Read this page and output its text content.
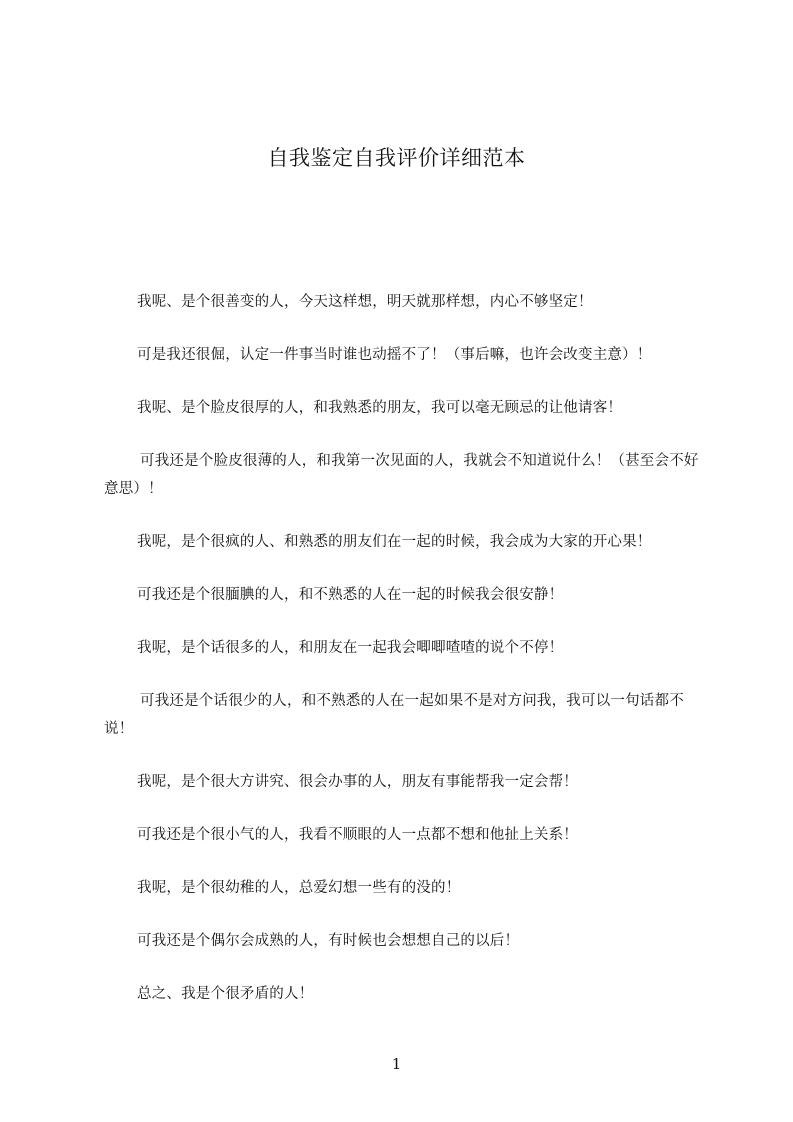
自我鉴定自我评价详细范本

我呢、是个很善变的人，今天这样想，明天就那样想，内心不够坚定！

可是我还很倔，认定一件事当时谁也动摇不了！（事后嘛，也许会改变主意）！

我呢、是个脸皮很厚的人，和我熟悉的朋友，我可以毫无顾忌的让他请客！

可我还是个脸皮很薄的人，和我第一次见面的人，我就会不知道说什么！（甚至会不好意思）！

我呢，是个很疯的人、和熟悉的朋友们在一起的时候，我会成为大家的开心果！

可我还是个很腼腆的人，和不熟悉的人在一起的时候我会很安静！

我呢，是个话很多的人，和朋友在一起我会唧唧喳喳的说个不停！

可我还是个话很少的人，和不熟悉的人在一起如果不是对方问我，我可以一句话都不说！

我呢，是个很大方讲究、很会办事的人，朋友有事能帮我一定会帮！

可我还是个很小气的人，我看不顺眼的人一点都不想和他扯上关系！

我呢，是个很幼稚的人，总爱幻想一些有的没的！

可我还是个偶尔会成熟的人，有时候也会想想自己的以后！

总之、我是个很矛盾的人！

1
